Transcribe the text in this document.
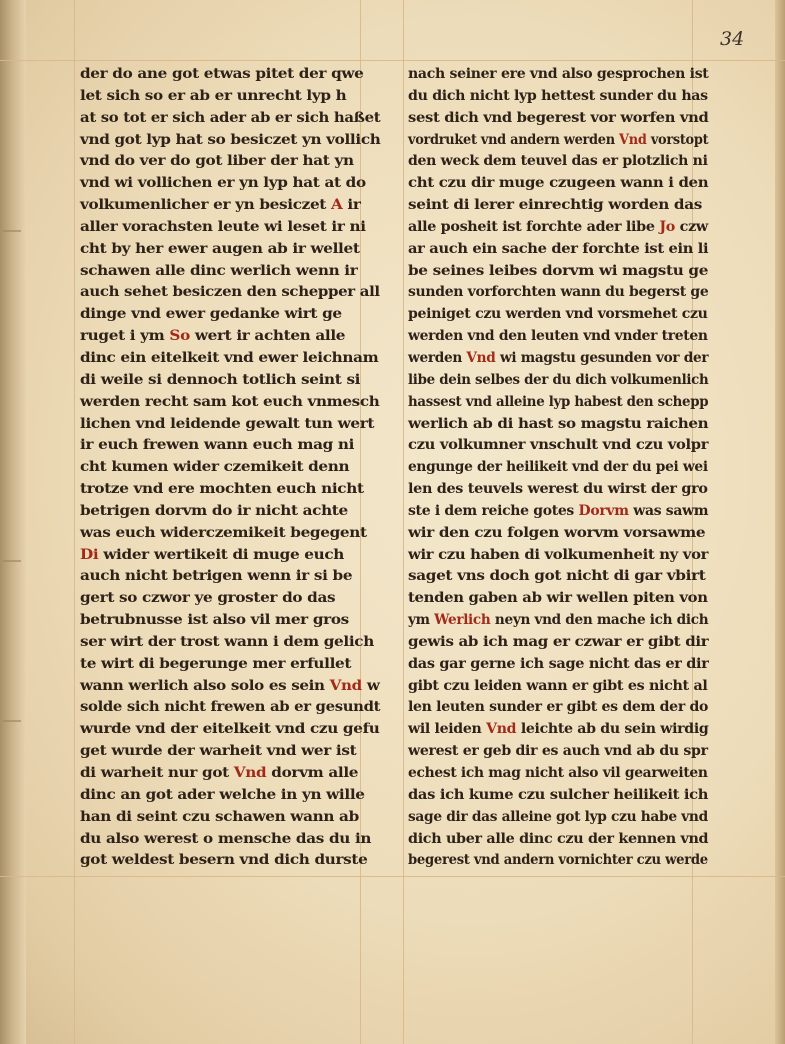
34
der do ane got etwas pitet der qwe
let sich so er ab er unrecht lyp h
at so tot er sich ader ab er sich haßet
vnd got lyp hat so besiczet yn vollich
vnd do ver do got liber der hat yn
vnd wi vollichen er yn lyp hat at do
volkumenlicher er yn besiczet A ir
aller vorachsten leute wi leset ir ni
cht by her ewer augen ab ir wellet
schawen alle dinc werlich wenn ir
auch sehet besiczen den schepper all
dinge vnd ewer gedanke wirt ge
ruget i ym So wert ir achten alle
dinc ein eitelkeit vnd ewer leichnam
di weile si dennoch totlich seint si
werden recht sam kot euch vnmesch
lichen vnd leidende gewalt tun wert
ir euch frewen wann euch mag ni
cht kumen wider czemikeit denn
trotze vnd ere mochten euch nicht
betrigen dorvm do ir nicht achte
was euch widerczemikeit begegent
Di wider wertikeit di muge euch
auch nicht betrigen wenn ir si be
gert so czwor ye groster do das
betrubnusse ist also vil mer gros
ser wirt der trost wann i dem gelich
te wirt di begerunge mer erfullet
wann werlich also solo es sein Vnd w
solde sich nicht frewen ab er gesundt
wurde vnd der eitelkeit vnd czu gefu
get wurde der warheit vnd wer ist
di warheit nur got Vnd dorvm alle
dinc an got ader welche in yn wille
han di seint czu schawen wann ab
du also werest o mensche das du in
got weldest besern vnd dich durste
nach seiner ere vnd also gesprochen ist
du dich nicht lyp hettest sunder du has
sest dich vnd begerest vor worfen vnd
vordruket vnd andern werden Vnd vorstopt
den weck dem teuvel das er plotzlich ni
cht czu dir muge czugeen wann i den
seint di lerer einrechtig worden das
alle posheit ist forchte ader libe Jo czw
ar auch ein sache der forchte ist ein li
be seines leibes dorvm wi magstu ge
sunden vorforchten wann du begerst ge
peiniget czu werden vnd vorsmehet czu
werden vnd den leuten vnd vnder treten
werden Vnd wi magstu gesunden vor der
libe dein selbes der du dich volkumenlich
hassest vnd alleine lyp habest den schepp
werlich ab di hast so magstu raichen
czu volkumner vnschult vnd czu volpr
engunge der heilikeit vnd der du pei wei
len des teuvels werest du wirst der gro
ste i dem reiche gotes Dorvm was sawm
wir den czu folgen worvm vorsawme
wir czu haben di volkumenheit ny vor
saget vns doch got nicht di gar vbirt
tenden gaben ab wir wellen piten von
ym Werlich neyn vnd den mache ich dich
gewis ab ich mag er czwar er gibt dir
das gar gerne ich sage nicht das er dir
gibt czu leiden wann er gibt es nicht al
len leuten sunder er gibt es dem der do
wil leiden Vnd leichte ab du sein wirdig
werest er geb dir es auch vnd ab du spr
echest ich mag nicht also vil gearweiten
das ich kume czu sulcher heilikeit ich
sage dir das alleine got lyp czu habe vnd
dich uber alle dinc czu der kennen vnd
begerest vnd andern vornichter czu werde
